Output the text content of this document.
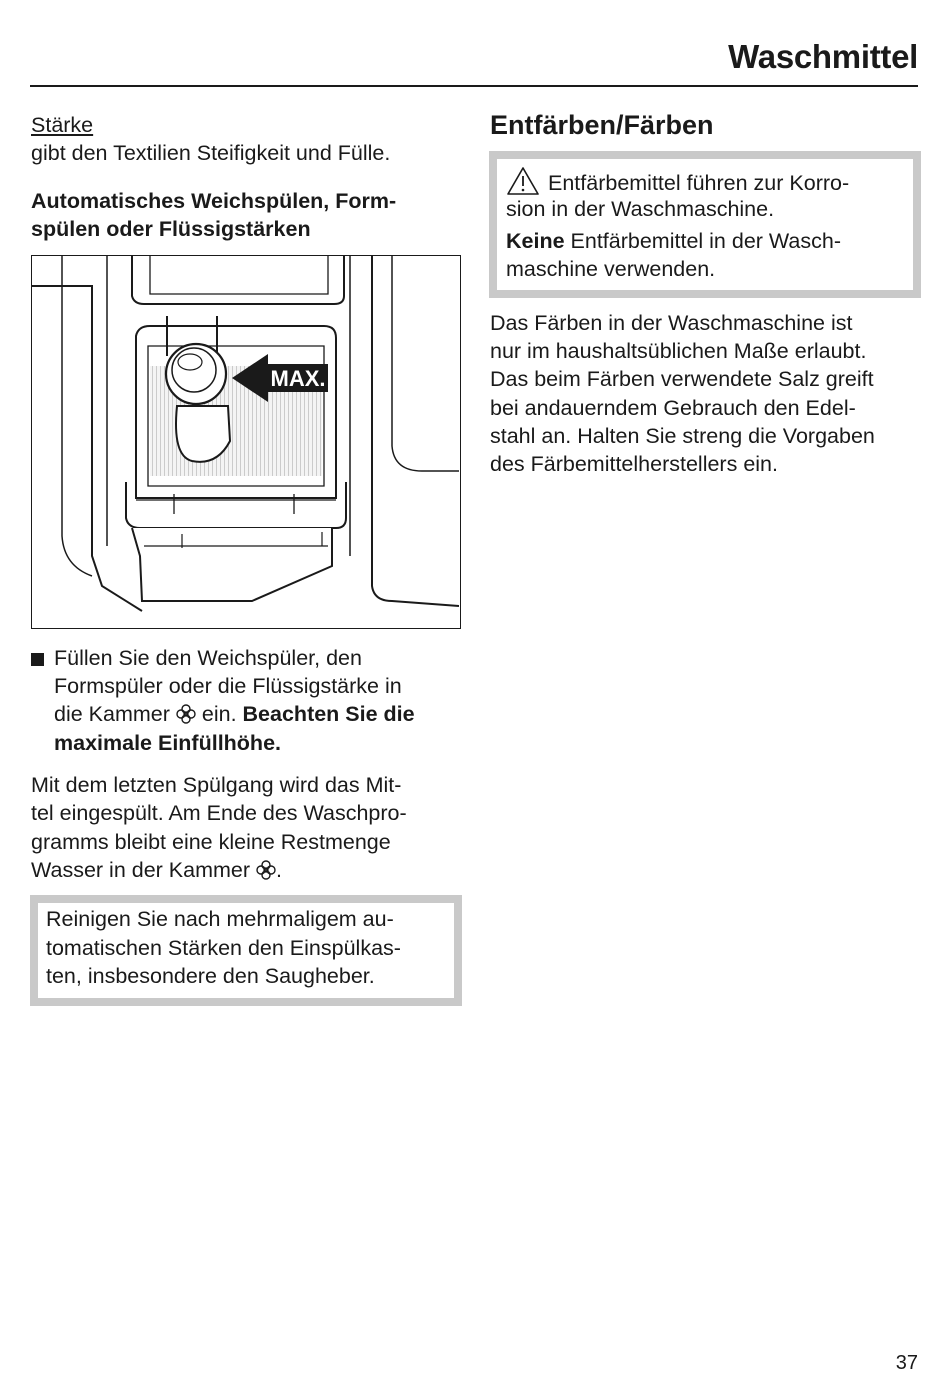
Waschmittel
Stärke
gibt den Textilien Steifigkeit und Fülle.
Automatisches Weichspülen, Form-
spülen oder Flüssigstärken
MAX.
Füllen Sie den Weichspüler, den
Formspüler oder die Flüssigstärke in
die Kammer ein. Beachten Sie die
maximale Einfüllhöhe.
Mit dem letzten Spülgang wird das Mit-
tel eingespült. Am Ende des Waschpro-
gramms bleibt eine kleine Restmenge
Wasser in der Kammer .
Reinigen Sie nach mehrmaligem au-
tomatischen Stärken den Einspülkas-
ten, insbesondere den Saugheber.
Entfärben/Färben
Entfärbemittel führen zur Korro-
sion in der Waschmaschine.
Keine Entfärbemittel in der Wasch-
maschine verwenden.
Das Färben in der Waschmaschine ist
nur im haushaltsüblichen Maße erlaubt.
Das beim Färben verwendete Salz greift
bei andauerndem Gebrauch den Edel-
stahl an. Halten Sie streng die Vorgaben
des Färbemittelherstellers ein.
37
